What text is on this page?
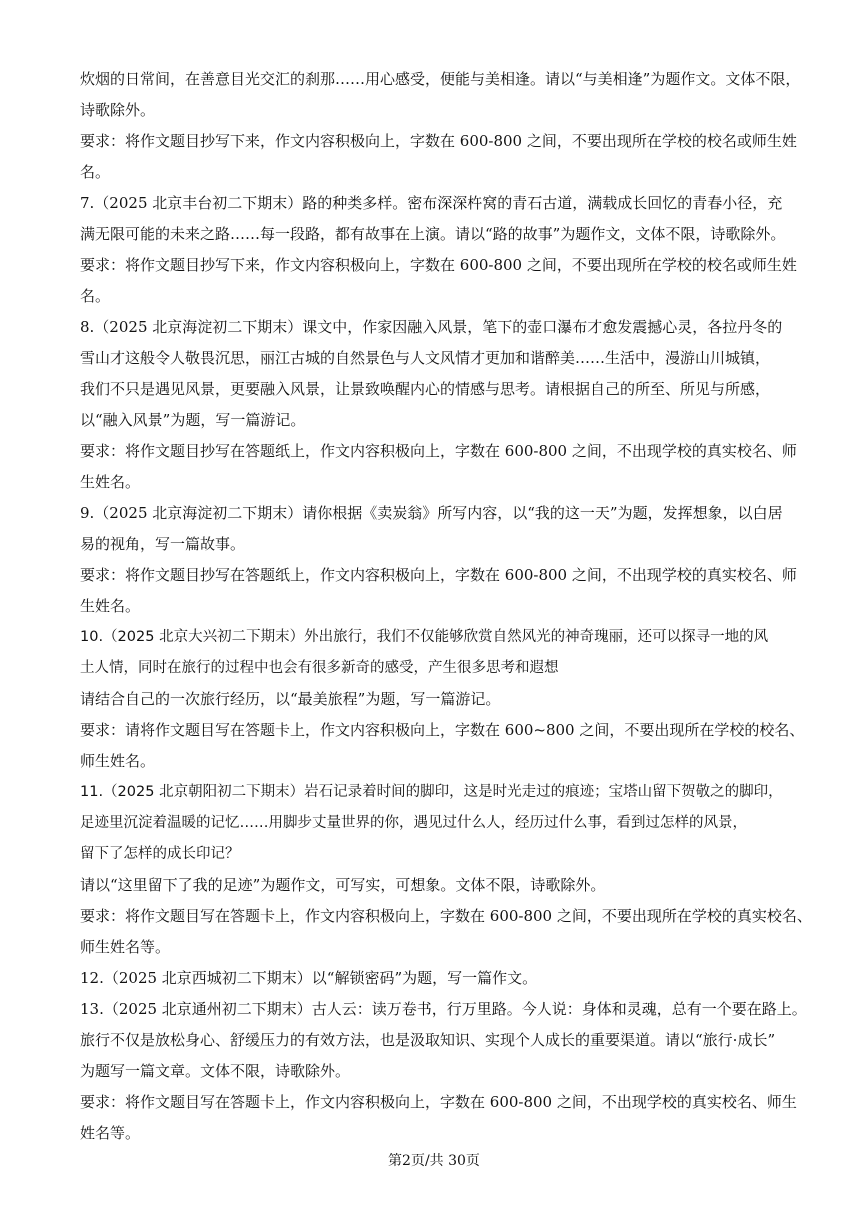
炊烟的日常间，在善意目光交汇的刹那……用心感受，便能与美相逢。请以“与美相逢”为题作文。文体不限，
诗歌除外。
要求：将作文题目抄写下来，作文内容积极向上，字数在 600-800 之间，不要出现所在学校的校名或师生姓
名。
7.（2025 北京丰台初二下期末）路的种类多样。密布深深杵窝的青石古道，满载成长回忆的青春小径，充
满无限可能的未来之路……每一段路，都有故事在上演。请以“路的故事”为题作文，文体不限，诗歌除外。
要求：将作文题目抄写下来，作文内容积极向上，字数在 600-800 之间，不要出现所在学校的校名或师生姓
名。
8.（2025 北京海淀初二下期末）课文中，作家因融入风景，笔下的壶口瀑布才愈发震撼心灵，各拉丹冬的
雪山才这般令人敬畏沉思，丽江古城的自然景色与人文风情才更加和谐醉美……生活中，漫游山川城镇，
我们不只是遇见风景，更要融入风景，让景致唤醒内心的情感与思考。请根据自己的所至、所见与所感，
以“融入风景”为题，写一篇游记。
要求：将作文题目抄写在答题纸上，作文内容积极向上，字数在 600-800 之间，不出现学校的真实校名、师
生姓名。
9.（2025 北京海淀初二下期末）请你根据《卖炭翁》所写内容，以“我的这一天”为题，发挥想象，以白居
易的视角，写一篇故事。
要求：将作文题目抄写在答题纸上，作文内容积极向上，字数在 600-800 之间，不出现学校的真实校名、师
生姓名。
10.（2025 北京大兴初二下期末）外出旅行，我们不仅能够欣赏自然风光的神奇瑰丽，还可以探寻一地的风
土人情，同时在旅行的过程中也会有很多新奇的感受，产生很多思考和遐想
请结合自己的一次旅行经历，以“最美旅程”为题，写一篇游记。
要求：请将作文题目写在答题卡上，作文内容积极向上，字数在 600~800 之间，不要出现所在学校的校名、
师生姓名。
11.（2025 北京朝阳初二下期末）岩石记录着时间的脚印，这是时光走过的痕迹；宝塔山留下贺敬之的脚印，
足迹里沉淀着温暖的记忆……用脚步丈量世界的你，遇见过什么人，经历过什么事，看到过怎样的风景，
留下了怎样的成长印记？
请以“这里留下了我的足迹”为题作文，可写实，可想象。文体不限，诗歌除外。
要求：将作文题目写在答题卡上，作文内容积极向上，字数在 600-800 之间，不要出现所在学校的真实校名、
师生姓名等。
12.（2025 北京西城初二下期末）以“解锁密码”为题，写一篇作文。
13.（2025 北京通州初二下期末）古人云：读万卷书，行万里路。今人说：身体和灵魂，总有一个要在路上。
旅行不仅是放松身心、舒缓压力的有效方法，也是汲取知识、实现个人成长的重要渠道。请以“旅行·成长”
为题写一篇文章。文体不限，诗歌除外。
要求：将作文题目写在答题卡上，作文内容积极向上，字数在 600-800 之间，不出现学校的真实校名、师生
姓名等。
第2页/共 30页
